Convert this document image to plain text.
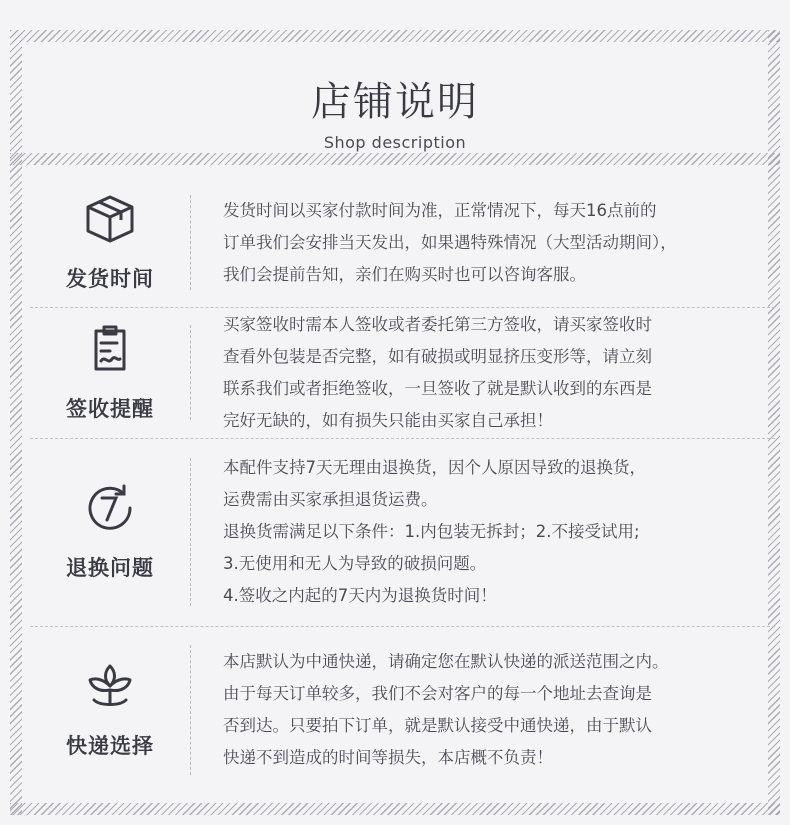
店铺说明
Shop description
发货时间
发货时间以买家付款时间为准，正常情况下，每天16点前的
订单我们会安排当天发出，如果遇特殊情况（大型活动期间），
我们会提前告知，亲们在购买时也可以咨询客服。
签收提醒
买家签收时需本人签收或者委托第三方签收，请买家签收时
查看外包装是否完整，如有破损或明显挤压变形等，请立刻
联系我们或者拒绝签收，一旦签收了就是默认收到的东西是
完好无缺的，如有损失只能由买家自己承担！
退换问题
本配件支持7天无理由退换货，因个人原因导致的退换货，
运费需由买家承担退货运费。
退换货需满足以下条件：1.内包装无拆封；2.不接受试用;
3.无使用和无人为导致的破损问题。
4.签收之内起的7天内为退换货时间！
快递选择
本店默认为中通快递，请确定您在默认快递的派送范围之内。
由于每天订单较多，我们不会对客户的每一个地址去查询是
否到达。只要拍下订单，就是默认接受中通快递，由于默认
快递不到造成的时间等损失，本店概不负责！
